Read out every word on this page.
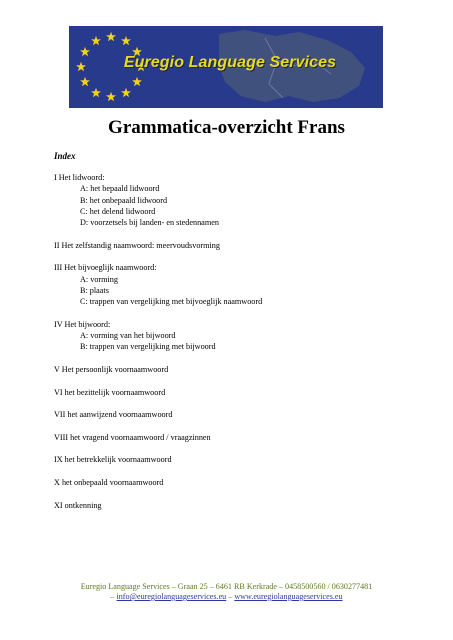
Euregio Language Services
Grammatica-overzicht Frans
Index
I Het lidwoord:
A: het bepaald lidwoord
B: het onbepaald lidwoord
C: het delend lidwoord
D: voorzetsels bij landen- en stedennamen
II Het zelfstandig naamwoord: meervoudsvorming
III Het bijvoeglijk naamwoord:
A: vorming
B: plaats
C: trappen van vergelijking met bijvoeglijk naamwoord
IV Het bijwoord:
A: vorming van het bijwoord
B: trappen van vergelijking met bijwoord
V Het persoonlijk voornaamwoord
VI het bezittelijk voornaamwoord
VII het aanwijzend voornaamwoord
VIII het vragend voornaamwoord / vraagzinnen
IX het betrekkelijk voornaamwoord
X het onbepaald voornaamwoord
XI ontkenning
Euregio Language Services – Graan 25 – 6461 RB Kerkrade – 0458500560 / 0630277481
– info@euregiolanguageservices.eu – www.euregiolanguageservices.eu
